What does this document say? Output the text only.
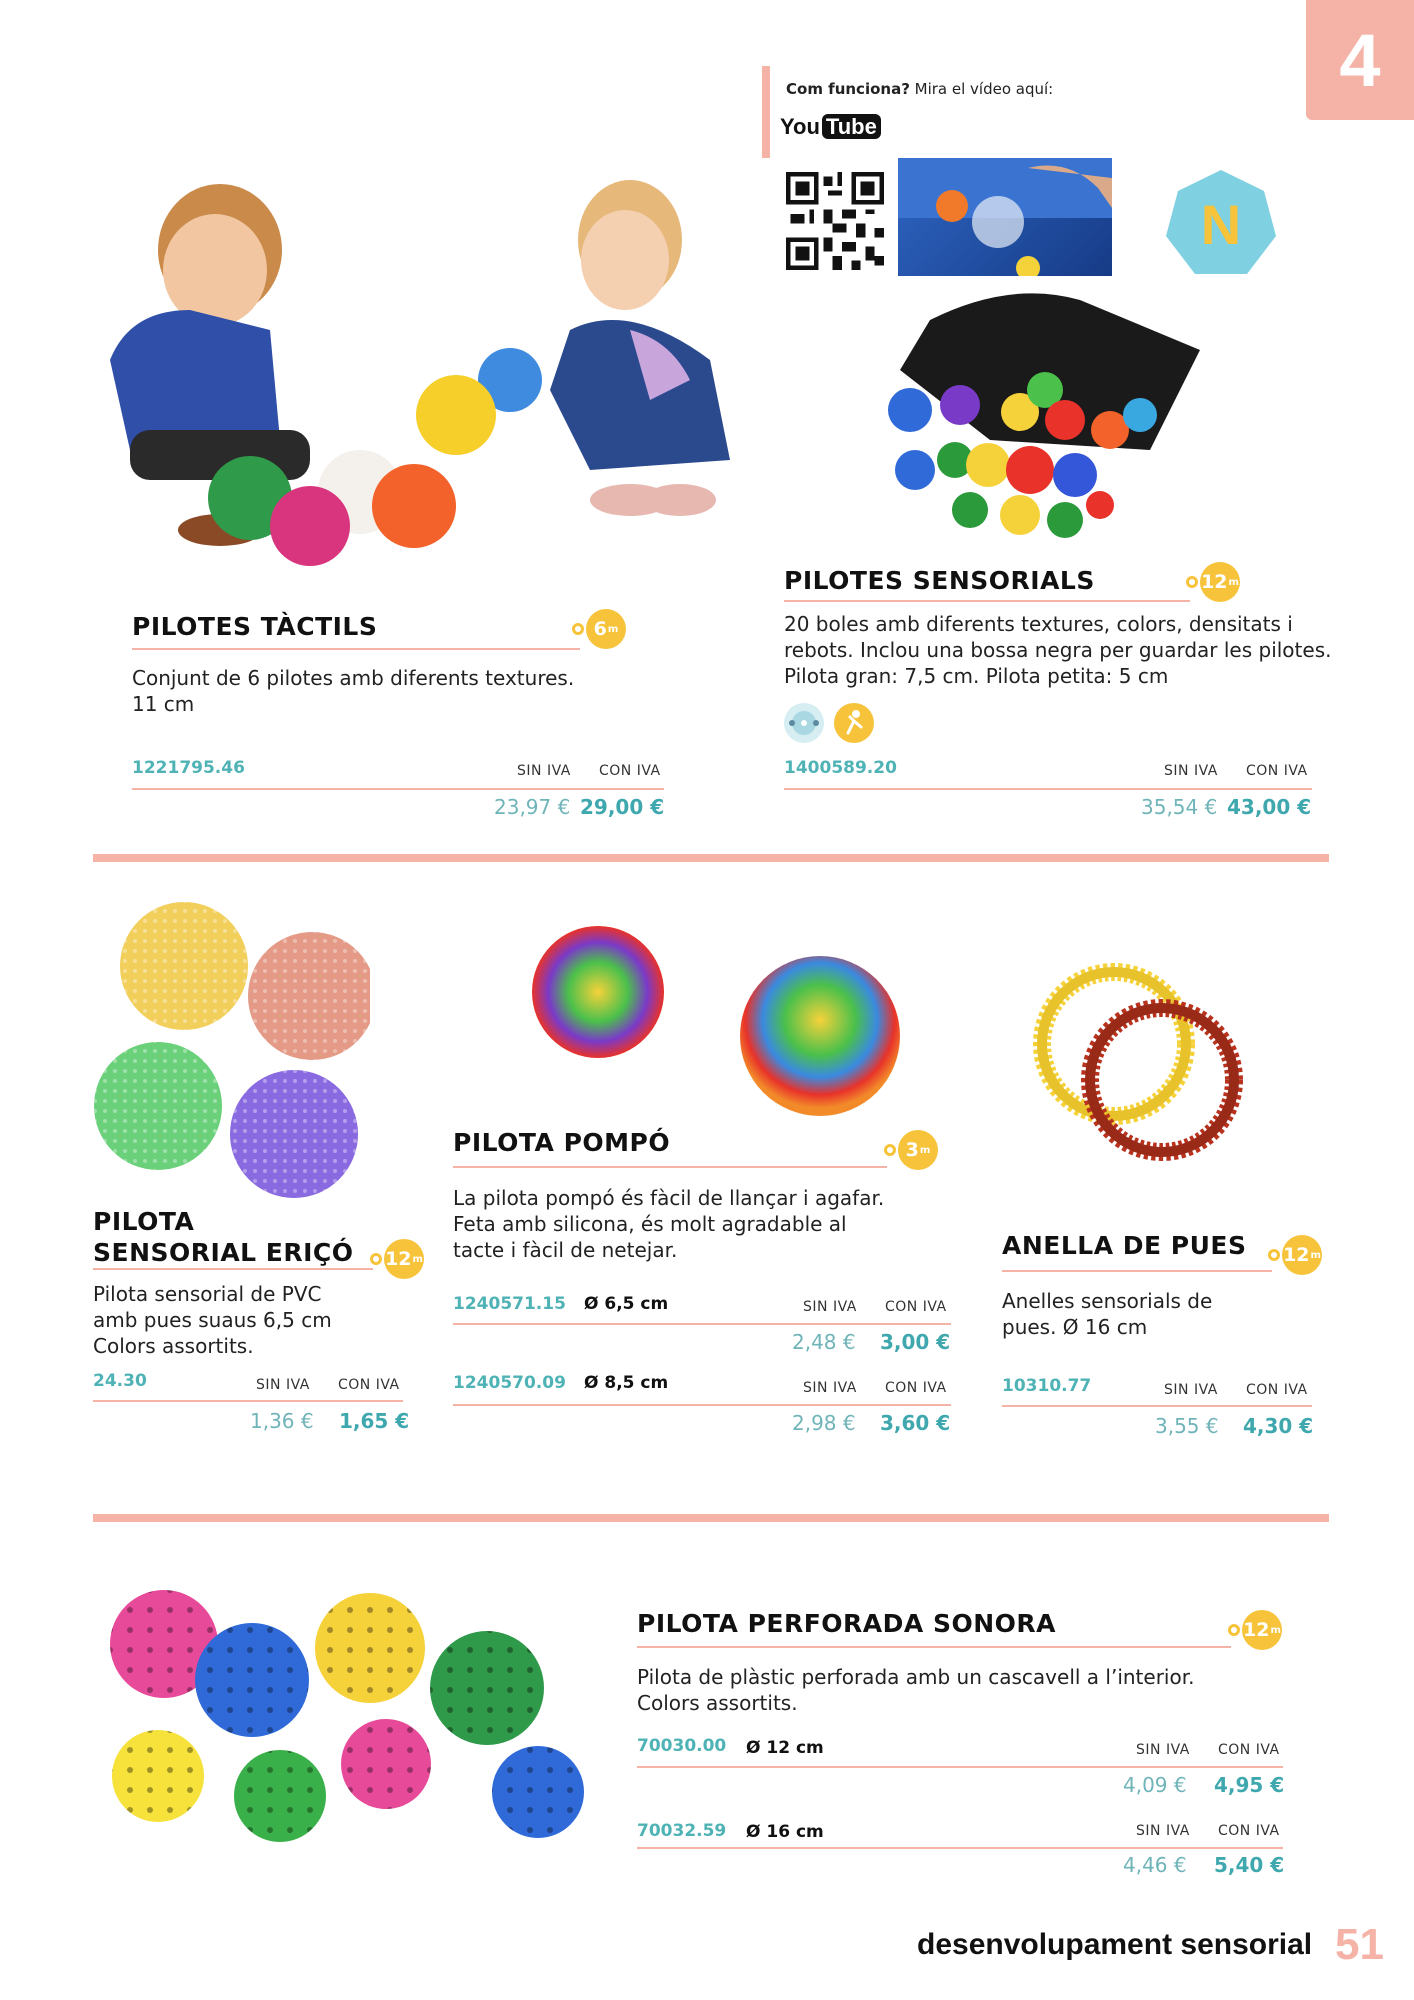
4
Com funciona? Mira el vídeo aquí:
You Tube
N
PILOTES TÀCTILS	6 m
Conjunt de 6 pilotes amb diferents textures.
11 cm
1221795.46	SIN IVA CON IVA
23,97 € 29,00 €
PILOTES SENSORIALS	12 m
20 boles amb diferents textures, colors, densitats i
rebots. Inclou una bossa negra per guardar les pilotes.
Pilota gran: 7,5 cm. Pilota petita: 5 cm
1400589.20	SIN IVA CON IVA
35,54 € 43,00 €
PILOTA
SENSORIAL ERIÇÓ 12 m
Pilota sensorial de PVC
amb pues suaus 6,5 cm
Colors assortits.
24.30	SIN IVA CON IVA
1,36 € 1,65 €
PILOTA POMPÓ	3 m
La pilota pompó és fàcil de llançar i agafar.
Feta amb silicona, és molt agradable al
tacte i fàcil de netejar.
1240571.15 Ø 6,5 cm	SIN IVA CON IVA
2,48 € 3,00 €
1240570.09 Ø 8,5 cm	SIN IVA CON IVA
2,98 € 3,60 €
ANELLA DE PUES 12 m
Anelles sensorials de
pues. Ø 16 cm
10310.77	SIN IVA CON IVA
3,55 € 4,30 €
PILOTA PERFORADA SONORA	12 m
Pilota de plàstic perforada amb un cascavell a l’interior.
Colors assortits.
70030.00 Ø 12 cm	SIN IVA CON IVA
4,09 € 4,95 €
70032.59 Ø 16 cm	SIN IVA CON IVA
4,46 € 5,40 €
desenvolupament sensorial 51
